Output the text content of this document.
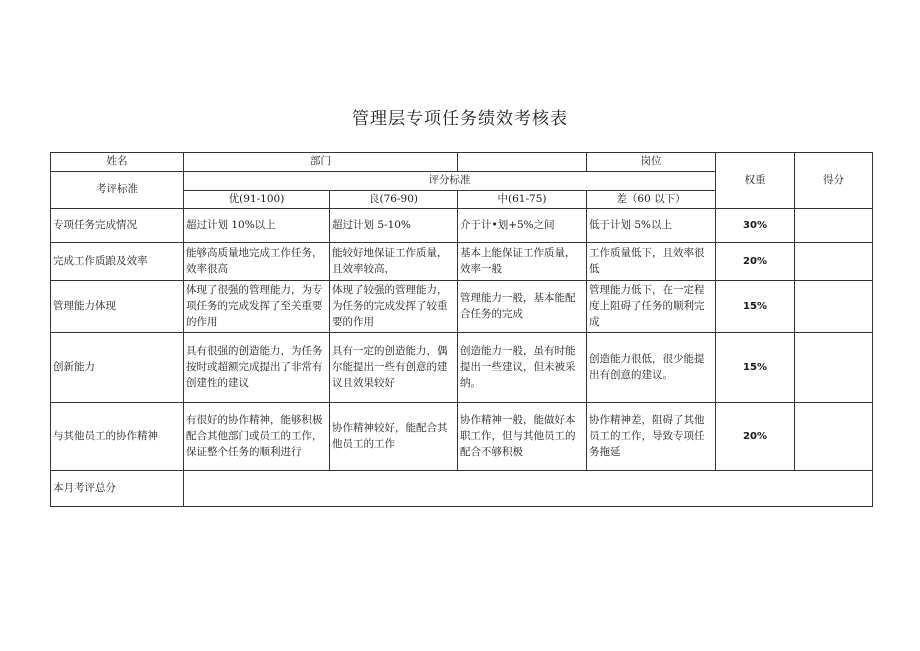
管理层专项任务绩效考核表
姓名	部门			岗位	权重	得分
考评标准	评分标准					
	优(91-100)	良(76-90)	中(61-75)	差（60 以下）		
专项任务完成情况	超过计划 10%以上	超过计划 5-10%	介于计•划+5%之间	低于计划 5%以上	30%	
完成工作质踉及效率	能够高质量地完成工作任务，效率很高	能较好地保证工作质量，且效率较高，	基本上能保证工作质量，效率一般	工作质量低下，且效率很低	20%	
管理能力体现	体现了很强的管理能力，为专项任务的完成发挥了至关重要的作用	体现了较强的管理能力，为任务的完成发挥了较重要的作用	管理能力一般，基本能配合任务的完成	管理能力低下，在一定程度上阻碍了任务的顺利完成	15%	
创新能力	具有很强的创造能力，为任务按时或超额完成提出了非常有创建性的建议	具有一定的创造能力，偶尔能提出一些有创意的建议且效果较好	创造能力一般，虽有时能提出一些建议，但未被采纳。	创造能力很低，很少能提出有创意的建议。	15%	
与其他员工的协作精神	有很好的协作精神，能够积极配合其他部门或员工的工作，保证整个任务的顺利进行	协作精神较好，能配合其他员工的工作	协作精神一般，能做好本职工作，但与其他员工的配合不够积极	协作精神差，阻碍了其他员工的工作，导致专项任务拖延	20%	
本月考评总分						
